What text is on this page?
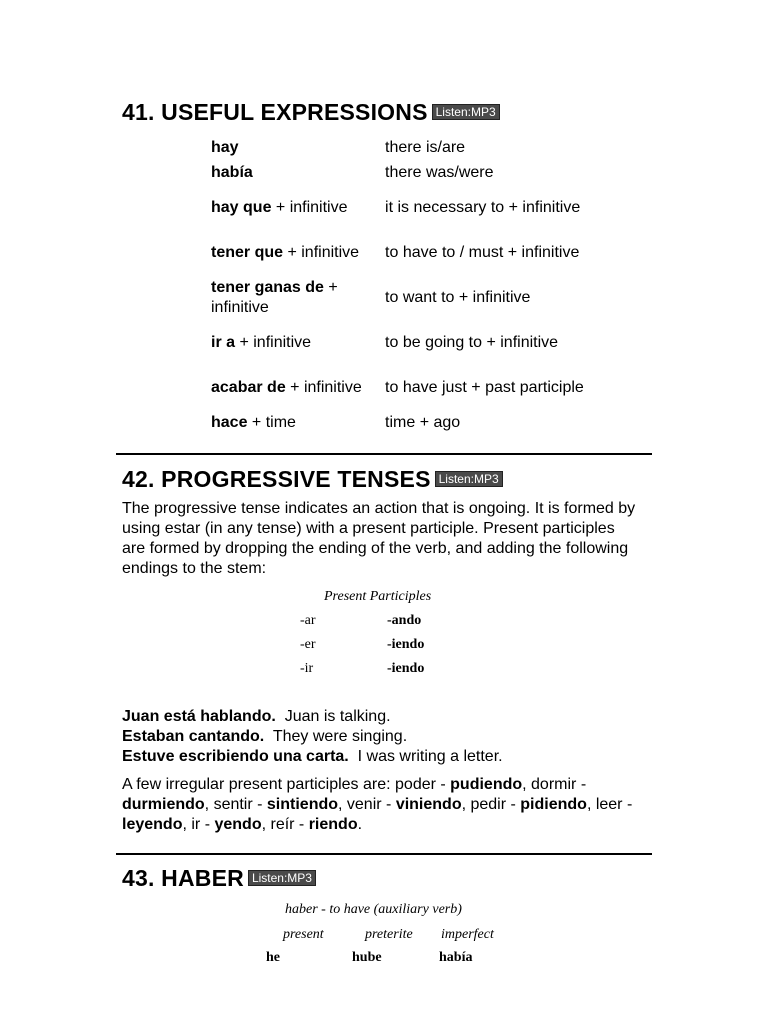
41. USEFUL EXPRESSIONS Listen:MP3
hay	there is/are
había	there was/were
hay que + infinitive	it is necessary to + infinitive
tener que + infinitive	to have to / must + infinitive
tener ganas de + infinitive	to want to + infinitive
ir a + infinitive	to be going to + infinitive
acabar de + infinitive	to have just + past participle
hace + time	time + ago
42. PROGRESSIVE TENSES Listen:MP3
The progressive tense indicates an action that is ongoing. It is formed by using estar (in any tense) with a present participle. Present participles are formed by dropping the ending of the verb, and adding the following endings to the stem:
Present Participles
-ar	-ando
-er	-iendo
-ir	-iendo
Juan está hablando.  Juan is talking.
Estaban cantando.  They were singing.
Estuve escribiendo una carta.  I was writing a letter.
A few irregular present participles are: poder - pudiendo, dormir - durmiendo, sentir - sintiendo, venir - viniendo, pedir - pidiendo, leer - leyendo, ir - yendo, reír - riendo.
43. HABER Listen:MP3
haber - to have (auxiliary verb)
present	preterite imperfect
he	hube	había
